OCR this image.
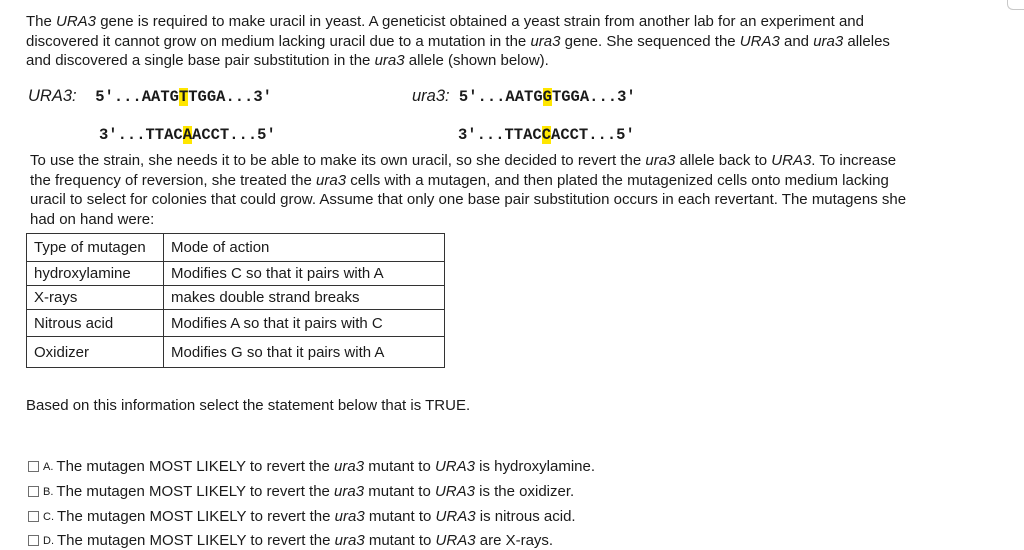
The URA3 gene is required to make uracil in yeast. A geneticist obtained a yeast strain from another lab for an experiment and discovered it cannot grow on medium lacking uracil due to a mutation in the ura3 gene. She sequenced the URA3 and ura3 alleles and discovered a single base pair substitution in the ura3 allele (shown below).
URA3: 5'...AATGTTGGA...3'
3'...TTACAACCT...5'
ura3: 5'...AATGGTGGA...3'
3'...TTACCACCT...5'
To use the strain, she needs it to be able to make its own uracil, so she decided to revert the ura3 allele back to URA3. To increase the frequency of reversion, she treated the ura3 cells with a mutagen, and then plated the mutagenized cells onto medium lacking uracil to select for colonies that could grow. Assume that only one base pair substitution occurs in each revertant. The mutagens she had on hand were:
Type of mutagen	Mode of action
hydroxylamine	Modifies C so that it pairs with A
X-rays	makes double strand breaks
Nitrous acid	Modifies A so that it pairs with C
Oxidizer	Modifies G so that it pairs with A
Based on this information select the statement below that is TRUE.
A. The mutagen MOST LIKELY to revert the ura3 mutant to URA3 is hydroxylamine.
B. The mutagen MOST LIKELY to revert the ura3 mutant to URA3 is the oxidizer.
C. The mutagen MOST LIKELY to revert the ura3 mutant to URA3 is nitrous acid.
D. The mutagen MOST LIKELY to revert the ura3 mutant to URA3 are X-rays.
